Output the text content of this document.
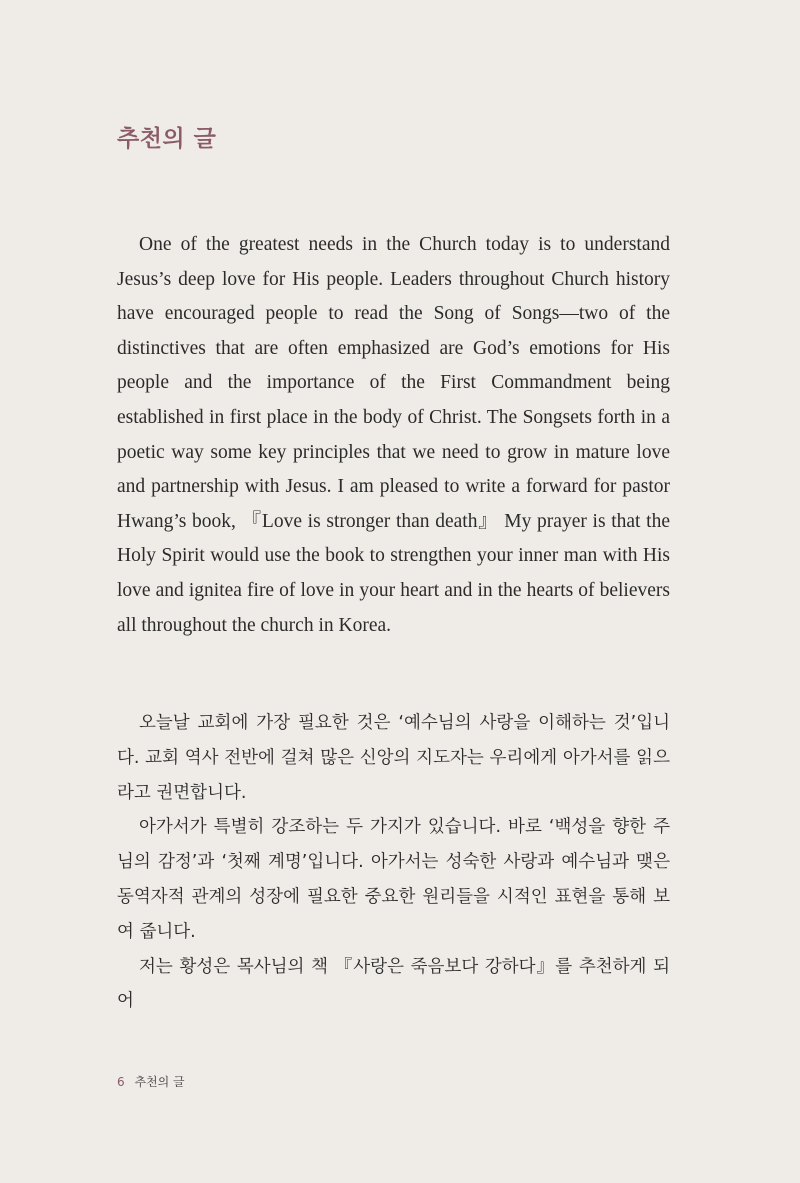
추천의 글

One of the greatest needs in the Church today is to understand Jesus’s deep love for His people. Leaders throughout Church history have encouraged people to read the Song of Songs—two of the distinctives that are often emphasized are God’s emotions for His people and the importance of the First Commandment being established in first place in the body of Christ. The Songsets forth in a poetic way some key principles that we need to grow in mature love and partnership with Jesus. I am pleased to write a forward for pastor Hwang’s book, 『Love is stronger than death』 My prayer is that the Holy Spirit would use the book to strengthen your inner man with His love and ignitea fire of love in your heart and in the hearts of believers all throughout the church in Korea.

오늘날 교회에 가장 필요한 것은 ‘예수님의 사랑을 이해하는 것’입니다. 교회 역사 전반에 걸쳐 많은 신앙의 지도자는 우리에게 아가서를 읽으라고 권면합니다.

아가서가 특별히 강조하는 두 가지가 있습니다. 바로 ‘백성을 향한 주님의 감정’과 ‘첫째 계명’입니다. 아가서는 성숙한 사랑과 예수님과 맺은 동역자적 관계의 성장에 필요한 중요한 원리들을 시적인 표현을 통해 보여 줍니다.

저는 황성은 목사님의 책 『사랑은 죽음보다 강하다』를 추천하게 되어

6 추천의 글
